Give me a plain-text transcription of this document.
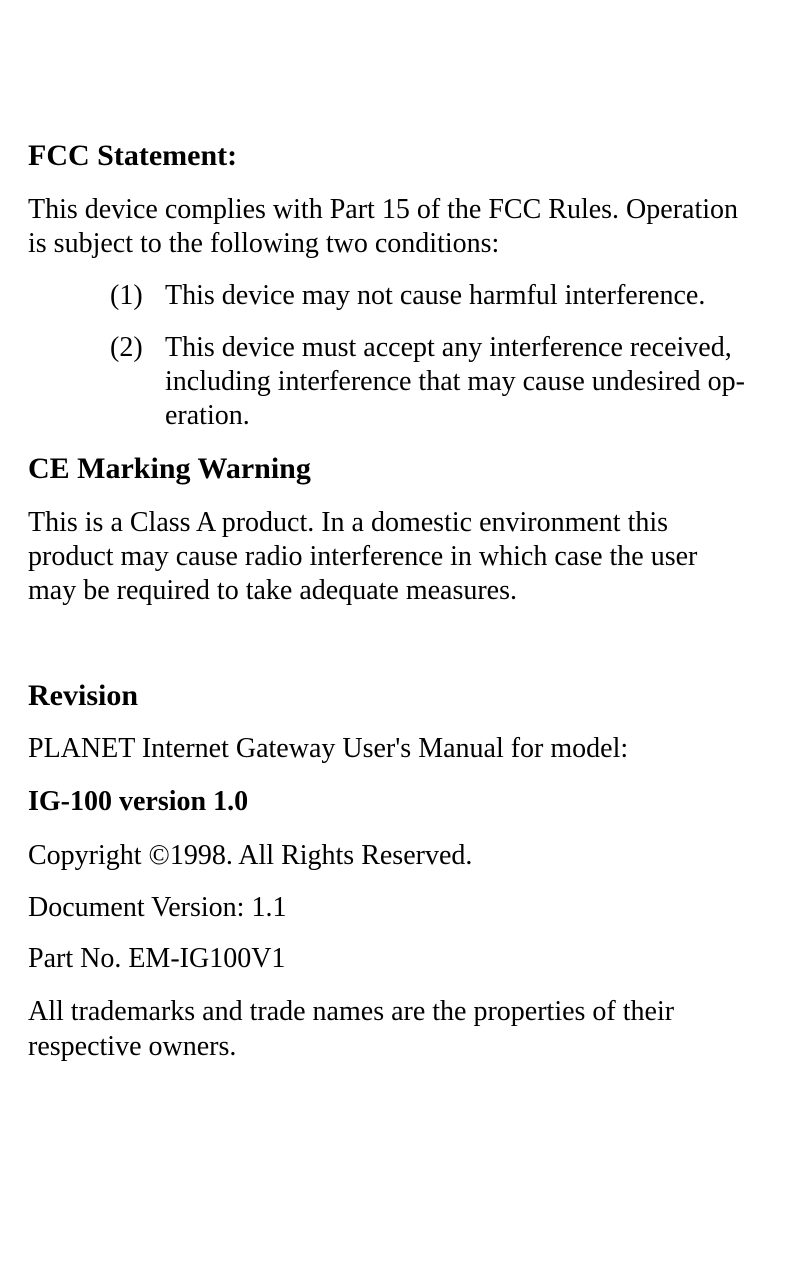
FCC Statement:
This device complies with Part 15 of the FCC Rules. Operation
is subject to the following two conditions:
(1) This device may not cause harmful interference.
(2) This device must accept any interference received,
including interference that may cause undesired op-
eration.
CE Marking Warning
This is a Class A product. In a domestic environment this
product may cause radio interference in which case the user
may be required to take adequate measures.
Revision
PLANET Internet Gateway User's Manual for model:
IG-100 version 1.0
Copyright ©1998. All Rights Reserved.
Document Version: 1.1
Part No. EM-IG100V1
All trademarks and trade names are the properties of their
respective owners.
